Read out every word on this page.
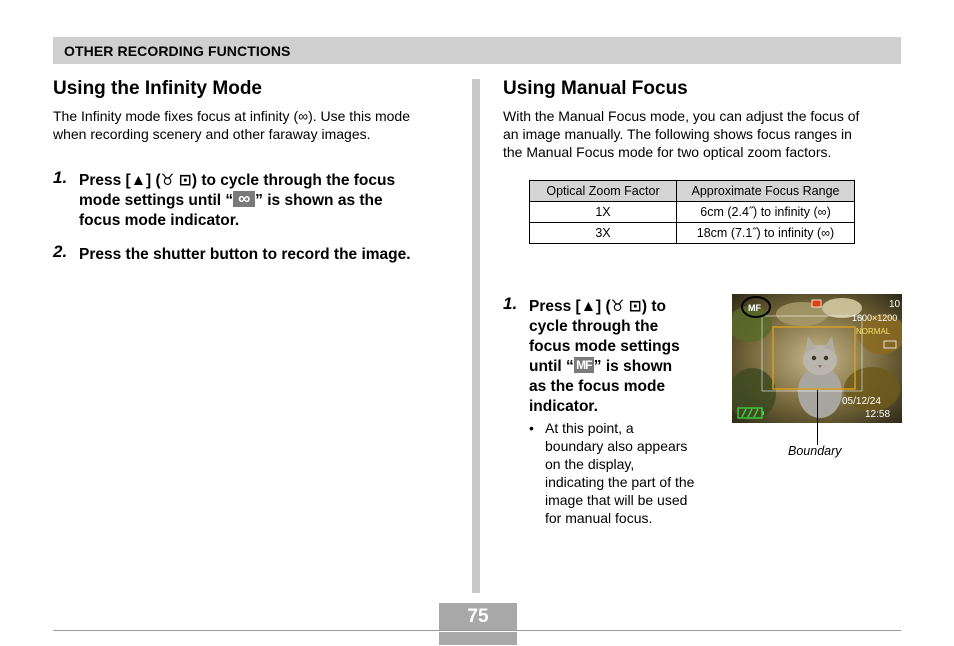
OTHER RECORDING FUNCTIONS
Using the Infinity Mode
The Infinity mode fixes focus at infinity (∞). Use this mode
when recording scenery and other faraway images.
1. Press [▲] (♉ ⊡) to cycle through the focus
mode settings until “ ∞ ” is shown as the
focus mode indicator.
2. Press the shutter button to record the image.
Using Manual Focus
With the Manual Focus mode, you can adjust the focus of
an image manually. The following shows focus ranges in
the Manual Focus mode for two optical zoom factors.
Optical Zoom Factor	Approximate Focus Range
1X	6cm (2.4˝) to infinity (∞)
3X	18cm (7.1˝) to infinity (∞)
1. Press [▲] (♉ ⊡) to
cycle through the
focus mode settings
until “ MF ” is shown
as the focus mode
indicator.
• At this point, a
boundary also appears
on the display,
indicating the part of the
image that will be used
for manual focus.
MF	10
1600×1200
NORMAL
05/12/24
12:58
Boundary
75
